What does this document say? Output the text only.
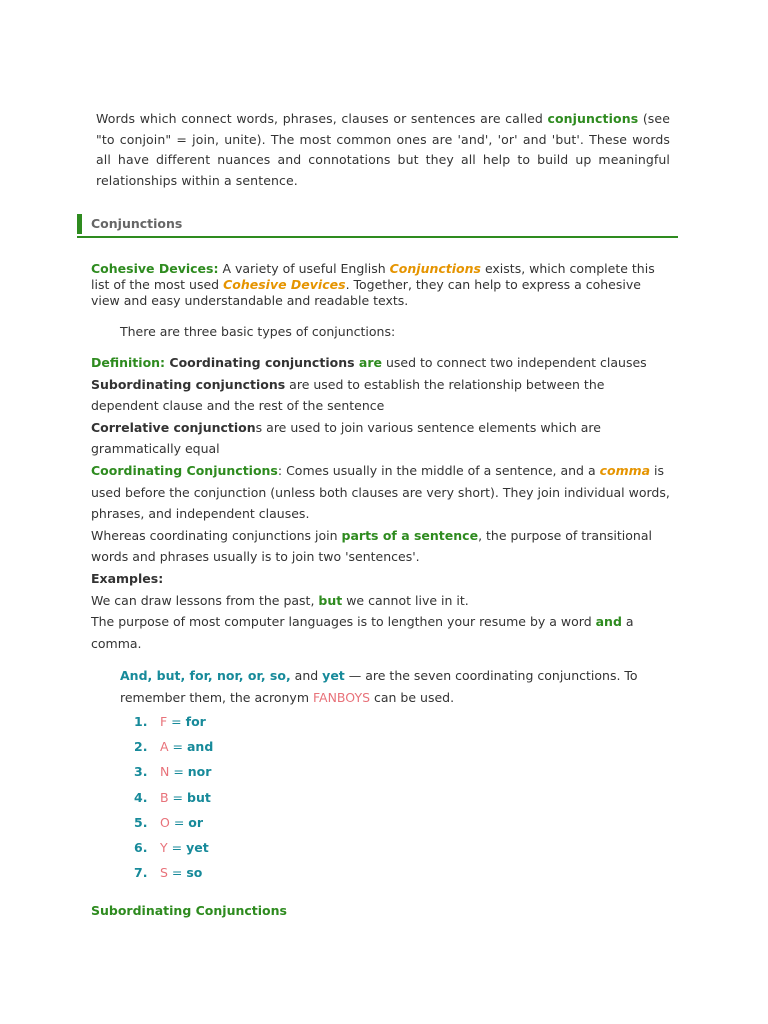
Words which connect words, phrases, clauses or sentences are called conjunctions (see "to conjoin" = join, unite). The most common ones are 'and', 'or' and 'but'. These words all have different nuances and connotations but they all help to build up meaningful relationships within a sentence.

Conjunctions

Cohesive Devices: A variety of useful English Conjunctions exists, which complete this list of the most used Cohesive Devices. Together, they can help to express a cohesive view and easy understandable and readable texts.

There are three basic types of conjunctions:

Definition: Coordinating conjunctions are used to connect two independent clauses

Subordinating conjunctions are used to establish the relationship between the dependent clause and the rest of the sentence

Correlative conjunctions are used to join various sentence elements which are grammatically equal

Coordinating Conjunctions: Comes usually in the middle of a sentence, and a comma is used before the conjunction (unless both clauses are very short). They join individual words, phrases, and independent clauses.

Whereas coordinating conjunctions join parts of a sentence, the purpose of transitional words and phrases usually is to join two 'sentences'.

Examples:

We can draw lessons from the past, but we cannot live in it.

The purpose of most computer languages is to lengthen your resume by a word and a comma.

And, but, for, nor, or, so, and yet — are the seven coordinating conjunctions. To remember them, the acronym FANBOYS can be used.

1. F = for
2. A = and
3. N = nor
4. B = but
5. O = or
6. Y = yet
7. S = so

Subordinating Conjunctions
